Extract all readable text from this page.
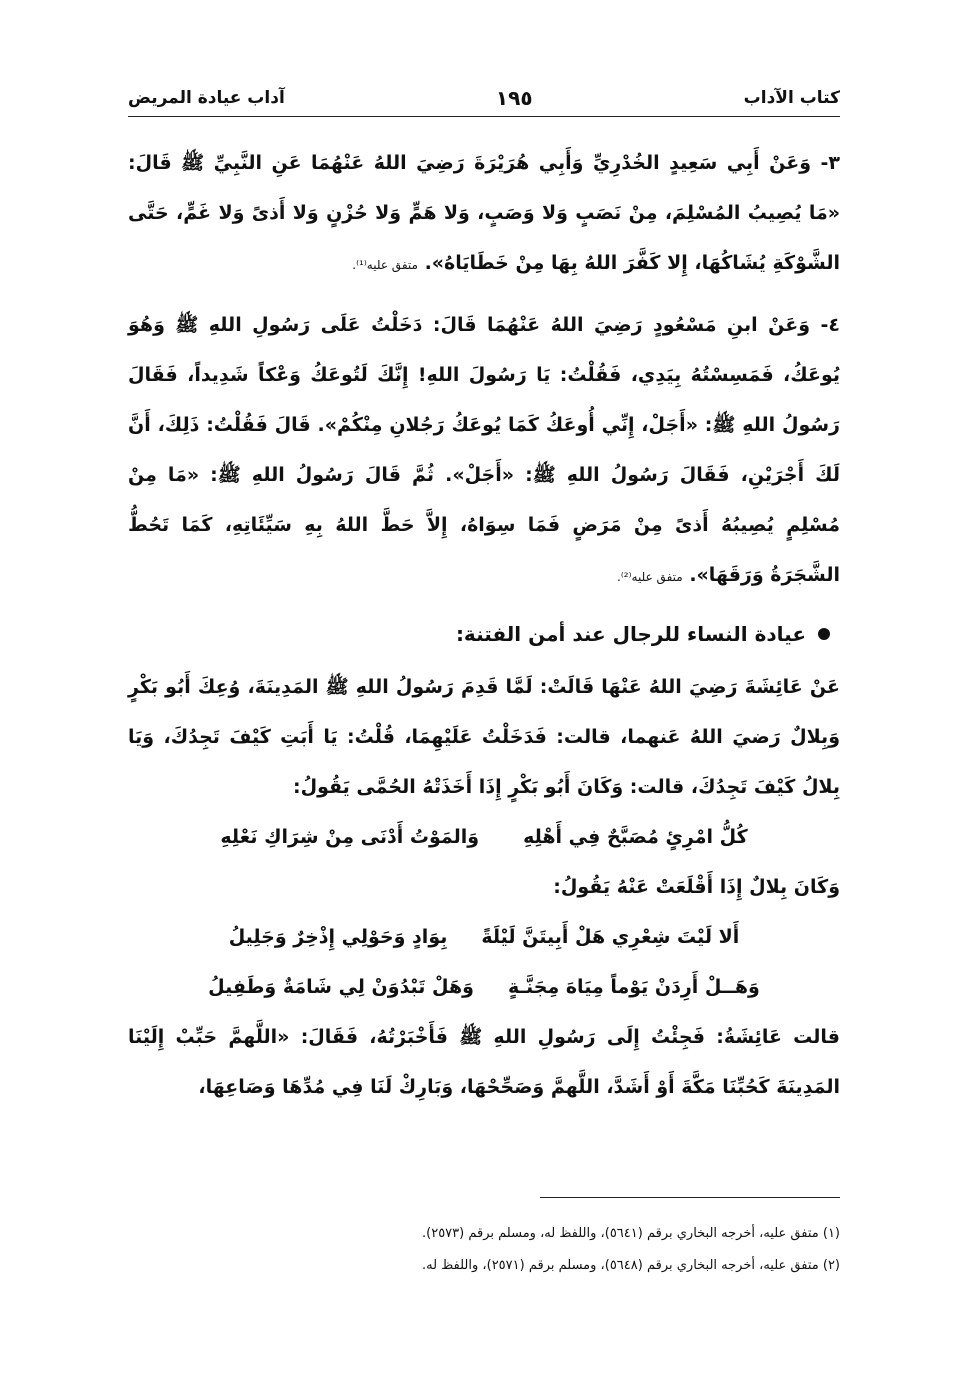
كتاب الآداب
١٩٥
آداب عيادة المريض

٣- وَعَنْ أَبِي سَعِيدٍ الخُدْرِيِّ وَأَبِي هُرَيْرَةَ رَضِيَ اللهُ عَنْهُمَا عَنِ النَّبِيِّ ﷺ قَالَ: «مَا يُصِيبُ المُسْلِمَ، مِنْ نَصَبٍ وَلا وَصَبٍ، وَلا هَمٍّ وَلا حُزْنٍ وَلا أَذىً وَلا غَمٍّ، حَتَّى الشَّوْكَةِ يُشَاكُهَا، إِلا كَفَّرَ اللهُ بِهَا مِنْ خَطَايَاهُ». متفق عليه⁽¹⁾.

٤- وَعَنْ ابنِ مَسْعُودٍ رَضِيَ اللهُ عَنْهُمَا قَالَ: دَخَلْتُ عَلَى رَسُولِ اللهِ ﷺ وَهُوَ يُوعَكُ، فَمَسِسْتُهُ بِيَدِي، فَقُلْتُ: يَا رَسُولَ اللهِ! إِنَّكَ لَتُوعَكُ وَعْكاً شَدِيداً، فَقَالَ رَسُولُ اللهِ ﷺ: «أَجَلْ، إِنِّي أُوعَكُ كَمَا يُوعَكُ رَجُلانِ مِنْكُمْ». قَالَ فَقُلْتُ: ذَلِكَ، أَنَّ لَكَ أَجْرَيْنِ، فَقَالَ رَسُولُ اللهِ ﷺ: «أَجَلْ». ثُمَّ قَالَ رَسُولُ اللهِ ﷺ: «مَا مِنْ مُسْلِمٍ يُصِيبُهُ أَذىً مِنْ مَرَضٍ فَمَا سِوَاهُ، إِلاَّ حَطَّ اللهُ بِهِ سَيِّئَاتِهِ، كَمَا تَحُطُّ الشَّجَرَةُ وَرَقَهَا». متفق عليه⁽²⁾.

عيادة النساء للرجال عند أمن الفتنة:

عَنْ عَائِشَةَ رَضِيَ اللهُ عَنْهَا قَالَتْ: لَمَّا قَدِمَ رَسُولُ اللهِ ﷺ المَدِينَةَ، وُعِكَ أَبُو بَكْرٍ وَبِلالٌ رَضيَ اللهُ عَنهما، قالت: فَدَخَلْتُ عَلَيْهِمَا، قُلْتُ: يَا أَبَتِ كَيْفَ تَجِدُكَ، وَيَا بِلالُ كَيْفَ تَجِدُكَ، قالت: وَكَانَ أَبُو بَكْرٍ إِذَا أَخَذَتْهُ الحُمَّى يَقُولُ:

كُلُّ امْرِئٍ مُصَبَّحٌ فِي أَهْلِهِ
وَالمَوْتُ أَدْنَى مِنْ شِرَاكِ نَعْلِهِ

وَكَانَ بِلالٌ إِذَا أَقْلَعَتْ عَنْهُ يَقُولُ:

أَلا لَيْتَ شِعْرِي هَلْ أَبِيتَنَّ لَيْلَةً
بِوَادٍ وَحَوْلِي إِذْخِرٌ وَجَلِيلُ
وَهَــلْ أَرِدَنْ يَوْماً مِيَاهَ مِجَنَّـةٍ
وَهَلْ تَبْدُوَنْ لِي شَامَةٌ وَطَفِيلُ

قالت عَائِشَةُ: فَجِئْتُ إِلَى رَسُولِ اللهِ ﷺ فَأَخْبَرْتُهُ، فَقَالَ: «اللَّهمَّ حَبِّبْ إِلَيْنَا المَدِينَةَ كَحُبِّنَا مَكَّةَ أَوْ أَشَدَّ، اللَّهمَّ وَصَحِّحْهَا، وَبَارِكْ لَنَا فِي مُدِّهَا وَصَاعِهَا،

(١) متفق عليه، أخرجه البخاري برقم (٥٦٤١)، واللفظ له، ومسلم برقم (٢٥٧٣).

(٢) متفق عليه، أخرجه البخاري برقم (٥٦٤٨)، ومسلم برقم (٢٥٧١)، واللفظ له.
